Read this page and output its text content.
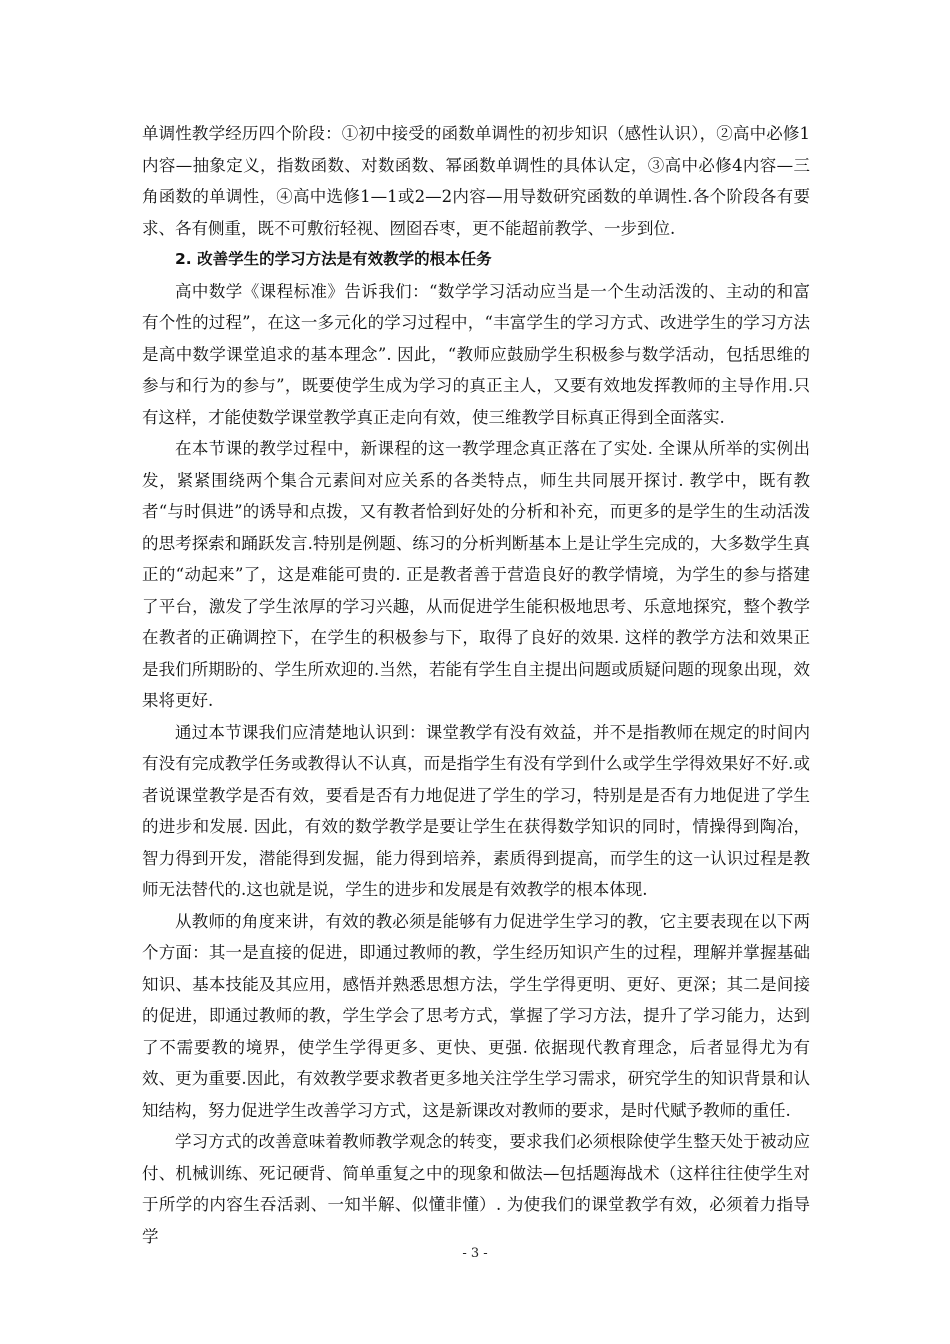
单调性教学经历四个阶段：①初中接受的函数单调性的初步知识（感性认识），②高中必修1内容—抽象定义，指数函数、对数函数、幂函数单调性的具体认定，③高中必修4内容—三角函数的单调性，④高中选修1—1或2—2内容—用导数研究函数的单调性.各个阶段各有要求、各有侧重，既不可敷衍轻视、囫囵吞枣，更不能超前教学、一步到位.

2. 改善学生的学习方法是有效教学的根本任务

高中数学《课程标准》告诉我们：“数学学习活动应当是一个生动活泼的、主动的和富有个性的过程”，在这一多元化的学习过程中，“丰富学生的学习方式、改进学生的学习方法是高中数学课堂追求的基本理念”. 因此，“教师应鼓励学生积极参与数学活动，包括思维的参与和行为的参与”，既要使学生成为学习的真正主人，又要有效地发挥教师的主导作用.只有这样，才能使数学课堂教学真正走向有效，使三维教学目标真正得到全面落实.

在本节课的教学过程中，新课程的这一教学理念真正落在了实处. 全课从所举的实例出发，紧紧围绕两个集合元素间对应关系的各类特点，师生共同展开探讨. 教学中，既有教者“与时俱进”的诱导和点拨，又有教者恰到好处的分析和补充，而更多的是学生的生动活泼的思考探索和踊跃发言.特别是例题、练习的分析判断基本上是让学生完成的，大多数学生真正的“动起来”了，这是难能可贵的. 正是教者善于营造良好的教学情境，为学生的参与搭建了平台，激发了学生浓厚的学习兴趣，从而促进学生能积极地思考、乐意地探究，整个教学在教者的正确调控下，在学生的积极参与下，取得了良好的效果. 这样的教学方法和效果正是我们所期盼的、学生所欢迎的.当然，若能有学生自主提出问题或质疑问题的现象出现，效果将更好.

通过本节课我们应清楚地认识到：课堂教学有没有效益，并不是指教师在规定的时间内有没有完成教学任务或教得认不认真，而是指学生有没有学到什么或学生学得效果好不好.或者说课堂教学是否有效，要看是否有力地促进了学生的学习，特别是是否有力地促进了学生的进步和发展. 因此，有效的数学教学是要让学生在获得数学知识的同时，情操得到陶冶，智力得到开发，潜能得到发掘，能力得到培养，素质得到提高，而学生的这一认识过程是教师无法替代的.这也就是说，学生的进步和发展是有效教学的根本体现.

从教师的角度来讲，有效的教必须是能够有力促进学生学习的教，它主要表现在以下两个方面：其一是直接的促进，即通过教师的教，学生经历知识产生的过程，理解并掌握基础知识、基本技能及其应用，感悟并熟悉思想方法，学生学得更明、更好、更深；其二是间接的促进，即通过教师的教，学生学会了思考方式，掌握了学习方法，提升了学习能力，达到了不需要教的境界，使学生学得更多、更快、更强. 依据现代教育理念，后者显得尤为有效、更为重要.因此，有效教学要求教者更多地关注学生学习需求，研究学生的知识背景和认知结构，努力促进学生改善学习方式，这是新课改对教师的要求，是时代赋予教师的重任.

学习方式的改善意味着教师教学观念的转变，要求我们必须根除使学生整天处于被动应付、机械训练、死记硬背、简单重复之中的现象和做法—包括题海战术（这样往往使学生对于所学的内容生吞活剥、一知半解、似懂非懂）. 为使我们的课堂教学有效，必须着力指导学

- 3 -
